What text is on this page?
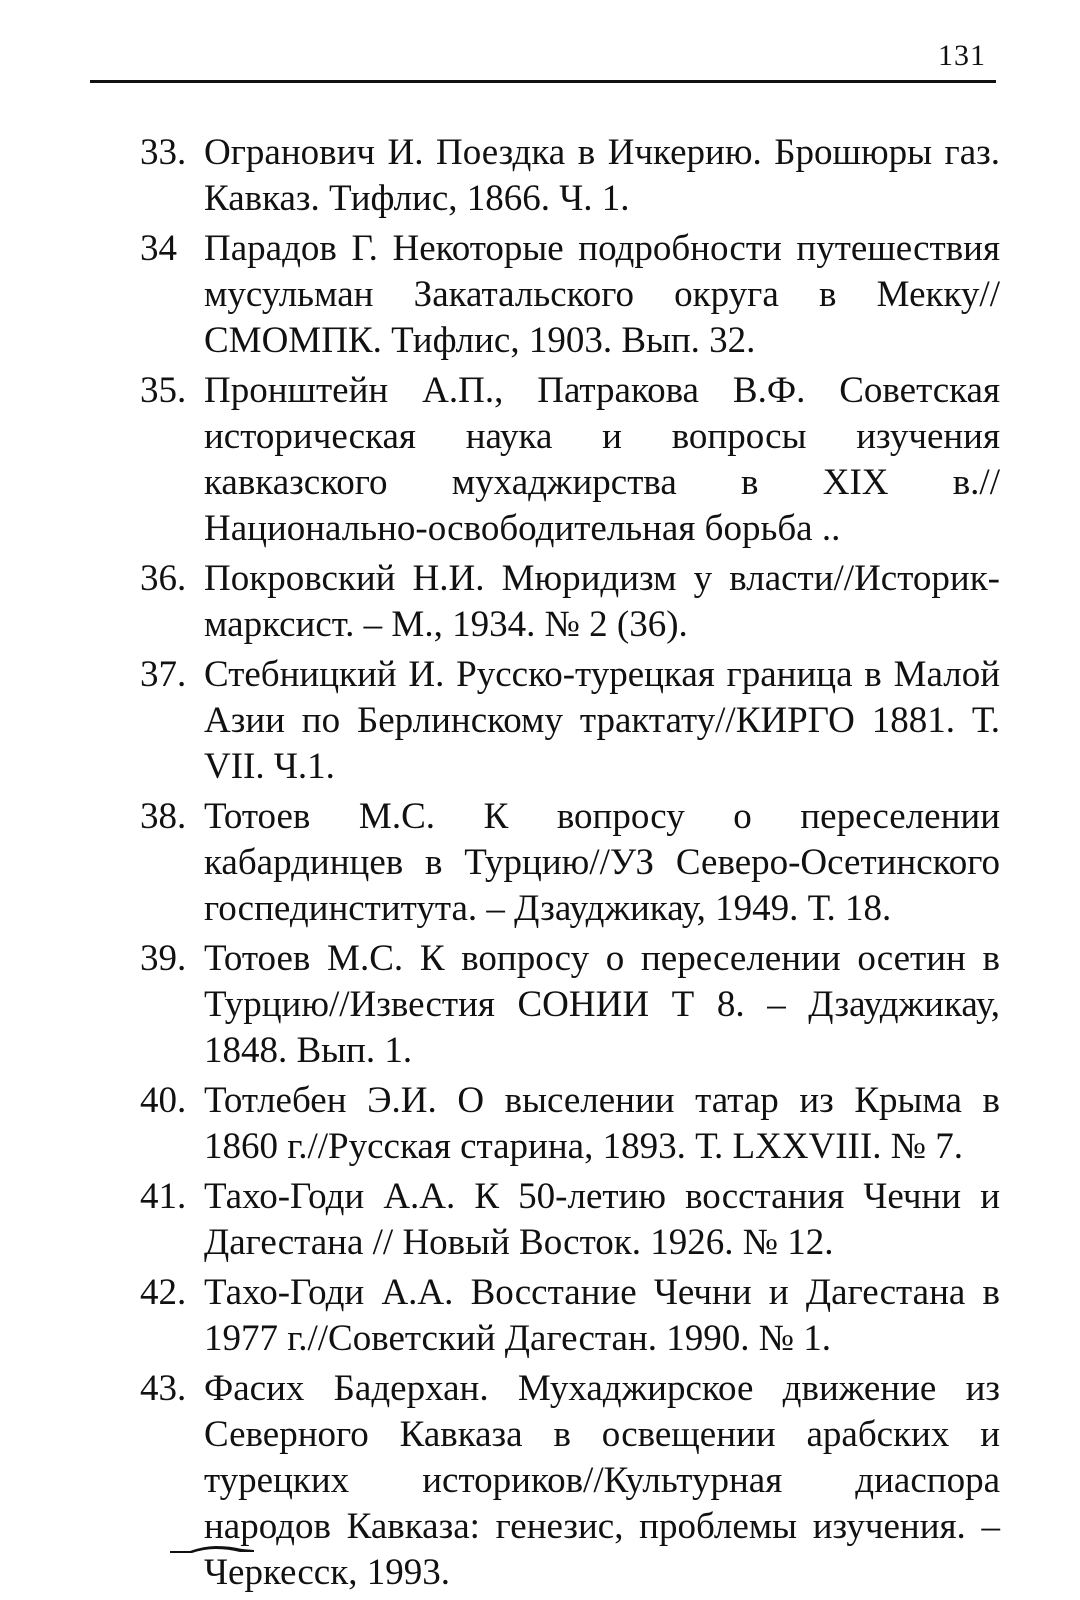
131
33. Огранович И. Поездка в Ичкерию. Брошюры газ. Кавказ. Тифлис, 1866. Ч. 1.
34 Парадов Г. Некоторые подробности путешествия мусульман Закатальского округа в Мекку//СМОМПК. Тифлис, 1903. Вып. 32.
35. Пронштейн А.П., Патракова В.Ф. Советская историческая наука и вопросы изучения кавказского мухаджирства в XIX в.//Национально-освободительная борьба ..
36. Покровский Н.И. Мюридизм у власти//Историк-марксист. – М., 1934. № 2 (36).
37. Стебницкий И. Русско-турецкая граница в Малой Азии по Берлинскому трактату//КИРГО 1881. Т. VII. Ч.1.
38. Тотоев М.С. К вопросу о переселении кабардинцев в Турцию//УЗ Северо-Осетинского госпединститута. – Дзауджикау, 1949. Т. 18.
39. Тотоев М.С. К вопросу о переселении осетин в Турцию//Известия СОНИИ Т 8. – Дзауджикау, 1848. Вып. 1.
40. Тотлебен Э.И. О выселении татар из Крыма в 1860 г.//Русская старина, 1893. Т. LXXVIII. № 7.
41. Тахо-Годи А.А. К 50-летию восстания Чечни и Дагестана // Новый Восток. 1926. № 12.
42. Тахо-Годи А.А. Восстание Чечни и Дагестана в 1977 г.//Советский Дагестан. 1990. № 1.
43. Фасих Бадерхан. Мухаджирское движение из Северного Кавказа в освещении арабских и турецких историков//Культурная диаспора народов Кавказа: генезис, проблемы изучения. – Черкесск, 1993.
